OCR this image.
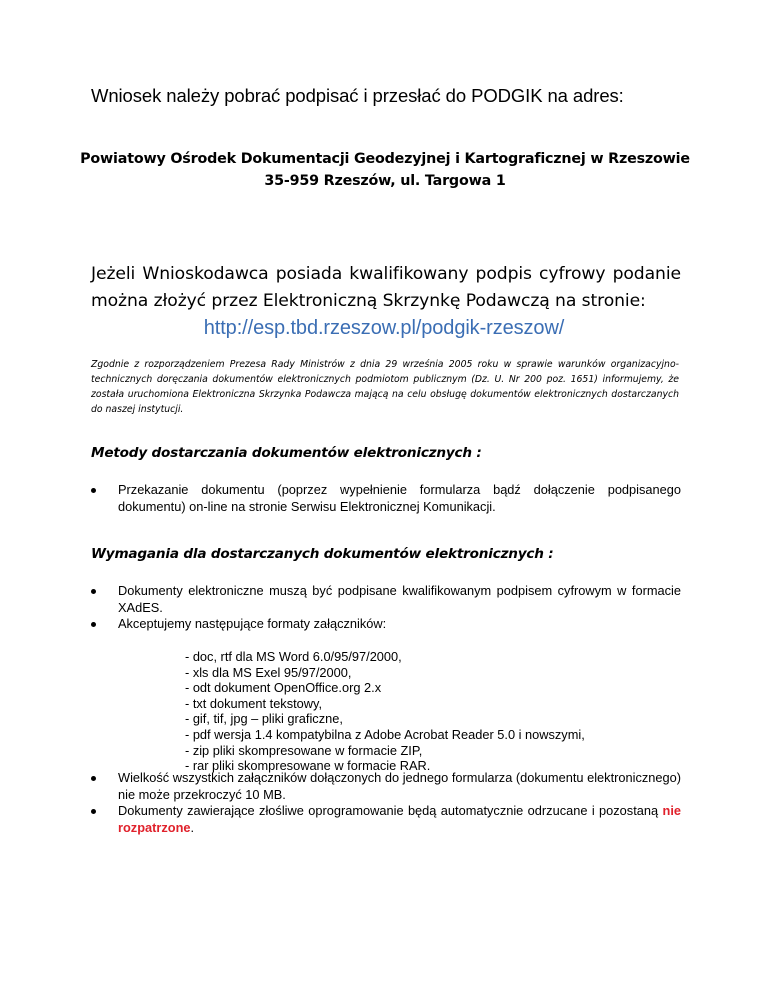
Wniosek należy pobrać podpisać i przesłać do PODGIK na adres:
Powiatowy Ośrodek Dokumentacji Geodezyjnej i Kartograficznej w Rzeszowie
35-959 Rzeszów, ul. Targowa 1
Jeżeli Wnioskodawca posiada kwalifikowany podpis cyfrowy podanie
można złożyć przez Elektroniczną Skrzynkę Podawczą na stronie:
http://esp.tbd.rzeszow.pl/podgik-rzeszow/
Zgodnie z rozporządzeniem Prezesa Rady Ministrów z dnia 29 września 2005 roku w sprawie warunków organizacyjno-technicznych doręczania dokumentów elektronicznych podmiotom publicznym (Dz. U. Nr 200 poz. 1651) informujemy, że została uruchomiona Elektroniczna Skrzynka Podawcza mającą na celu obsługę dokumentów elektronicznych dostarczanych do naszej instytucji.
Metody dostarczania dokumentów elektronicznych :
Przekazanie dokumentu (poprzez wypełnienie formularza bądź dołączenie podpisanego dokumentu) on-line na stronie Serwisu Elektronicznej Komunikacji.
Wymagania dla dostarczanych dokumentów elektronicznych :
Dokumenty elektroniczne muszą być podpisane kwalifikowanym podpisem cyfrowym w formacie XAdES.
Akceptujemy następujące formaty załączników:
- doc, rtf dla MS Word 6.0/95/97/2000,
- xls dla MS Exel 95/97/2000,
- odt dokument OpenOffice.org 2.x
- txt dokument tekstowy,
- gif, tif, jpg – pliki graficzne,
- pdf wersja 1.4 kompatybilna z Adobe Acrobat Reader 5.0 i nowszymi,
- zip pliki skompresowane w formacie ZIP,
- rar pliki skompresowane w formacie RAR.
Wielkość wszystkich załączników dołączonych do jednego formularza (dokumentu elektronicznego) nie może przekroczyć 10 MB.
Dokumenty zawierające złośliwe oprogramowanie będą automatycznie odrzucane i pozostaną nie rozpatrzone.
